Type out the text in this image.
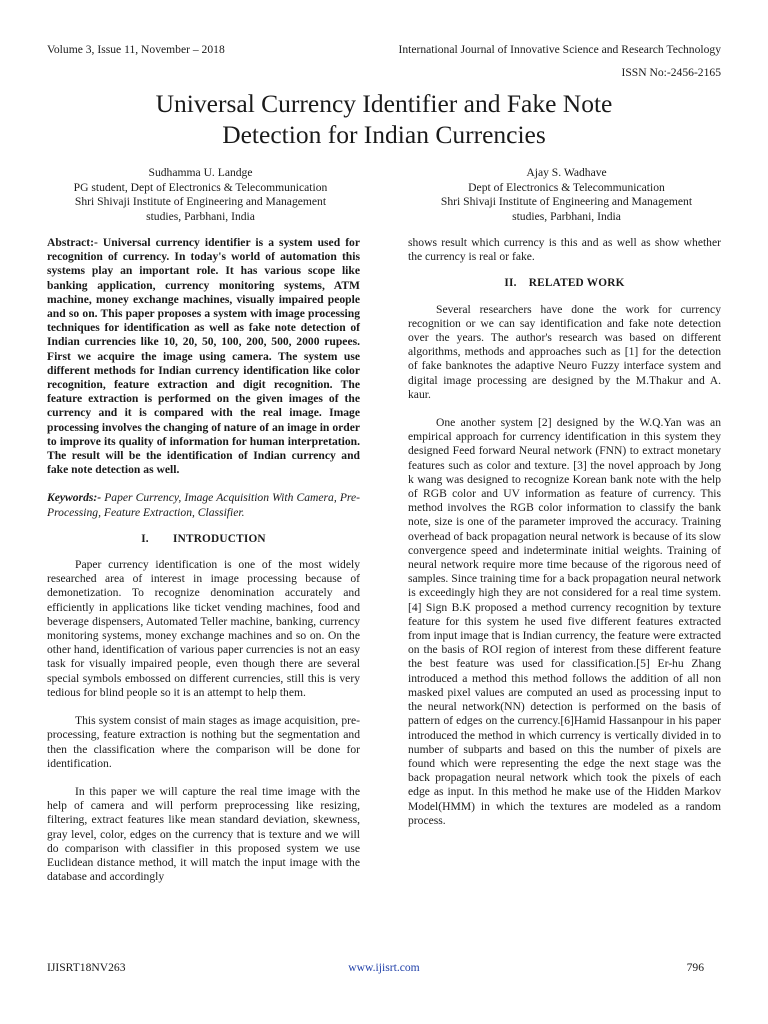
Volume 3, Issue 11, November – 2018	International Journal of Innovative Science and Research Technology
ISSN No:-2456-2165
Universal Currency Identifier and Fake Note
Detection for Indian Currencies
Sudhamma U. Landge
PG student, Dept of Electronics & Telecommunication
Shri Shivaji Institute of Engineering and Management
studies, Parbhani, India
Ajay S. Wadhave
Dept of Electronics & Telecommunication
Shri Shivaji Institute of Engineering and Management
studies, Parbhani, India

Abstract:- Universal currency identifier is a system used for recognition of currency. In today's world of automation this systems play an important role. It has various scope like banking application, currency monitoring systems, ATM machine, money exchange machines, visually impaired people and so on. This paper proposes a system with image processing techniques for identification as well as fake note detection of Indian currencies like 10, 20, 50, 100, 200, 500, 2000 rupees. First we acquire the image using camera. The system use different methods for Indian currency identification like color recognition, feature extraction and digit recognition. The feature extraction is performed on the given images of the currency and it is compared with the real image. Image processing involves the changing of nature of an image in order to improve its quality of information for human interpretation. The result will be the identification of Indian currency and fake note detection as well.

Keywords:- Paper Currency, Image Acquisition With Camera, Pre-Processing, Feature Extraction, Classifier.

I.        INTRODUCTION

Paper currency identification is one of the most widely researched area of interest in image processing because of demonetization. To recognize denomination accurately and efficiently in applications like ticket vending machines, food and beverage dispensers, Automated Teller machine, banking, currency monitoring systems, money exchange machines and so on. On the other hand, identification of various paper currencies is not an easy task for visually impaired people, even though there are several special symbols embossed on different currencies, still this is very tedious for blind people so it is an attempt to help them.

This system consist of main stages as image acquisition, pre-processing, feature extraction is nothing but the segmentation and then the classification where the comparison will be done for identification.

In this paper we will capture the real time image with the help of camera and will perform preprocessing like resizing, filtering, extract features like mean standard deviation, skewness, gray level, color, edges on the currency that is texture and we will do comparison with classifier in this proposed system we use Euclidean distance method, it will match the input image with the database and accordingly

shows result which currency is this and as well as show whether the currency is real or fake.

II.    RELATED WORK

Several researchers have done the work for currency recognition or we can say identification and fake note detection over the years. The author's research was based on different algorithms, methods and approaches such as [1] for the detection of fake banknotes the adaptive Neuro Fuzzy interface system and digital image processing are designed by the M.Thakur and A. kaur.

One another system [2] designed by the W.Q.Yan was an empirical approach for currency identification in this system they designed Feed forward Neural network (FNN) to extract monetary features such as color and texture. [3] the novel approach by Jong k wang was designed to recognize Korean bank note with the help of RGB color and UV information as feature of currency. This method involves the RGB color information to classify the bank note, size is one of the parameter improved the accuracy. Training overhead of back propagation neural network is because of its slow convergence speed and indeterminate initial weights. Training of neural network require more time because of the rigorous need of samples. Since training time for a back propagation neural network is exceedingly high they are not considered for a real time system. [4] Sign B.K proposed a method currency recognition by texture feature for this system he used five different features extracted from input image that is Indian currency, the feature were extracted on the basis of ROI region of interest from these different feature the best feature was used for classification.[5] Er-hu Zhang introduced a method this method follows the addition of all non masked pixel values are computed an used as processing input to the neural network(NN) detection is performed on the basis of pattern of edges on the currency.[6]Hamid Hassanpour in his paper introduced the method in which currency is vertically divided in to number of subparts and based on this the number of pixels are found which were representing the edge the next stage was the back propagation neural network which took the pixels of each edge as input. In this method he make use of the Hidden Markov Model(HMM) in which the textures are modeled as a random process.

IJISRT18NV263	www.ijisrt.com	796
